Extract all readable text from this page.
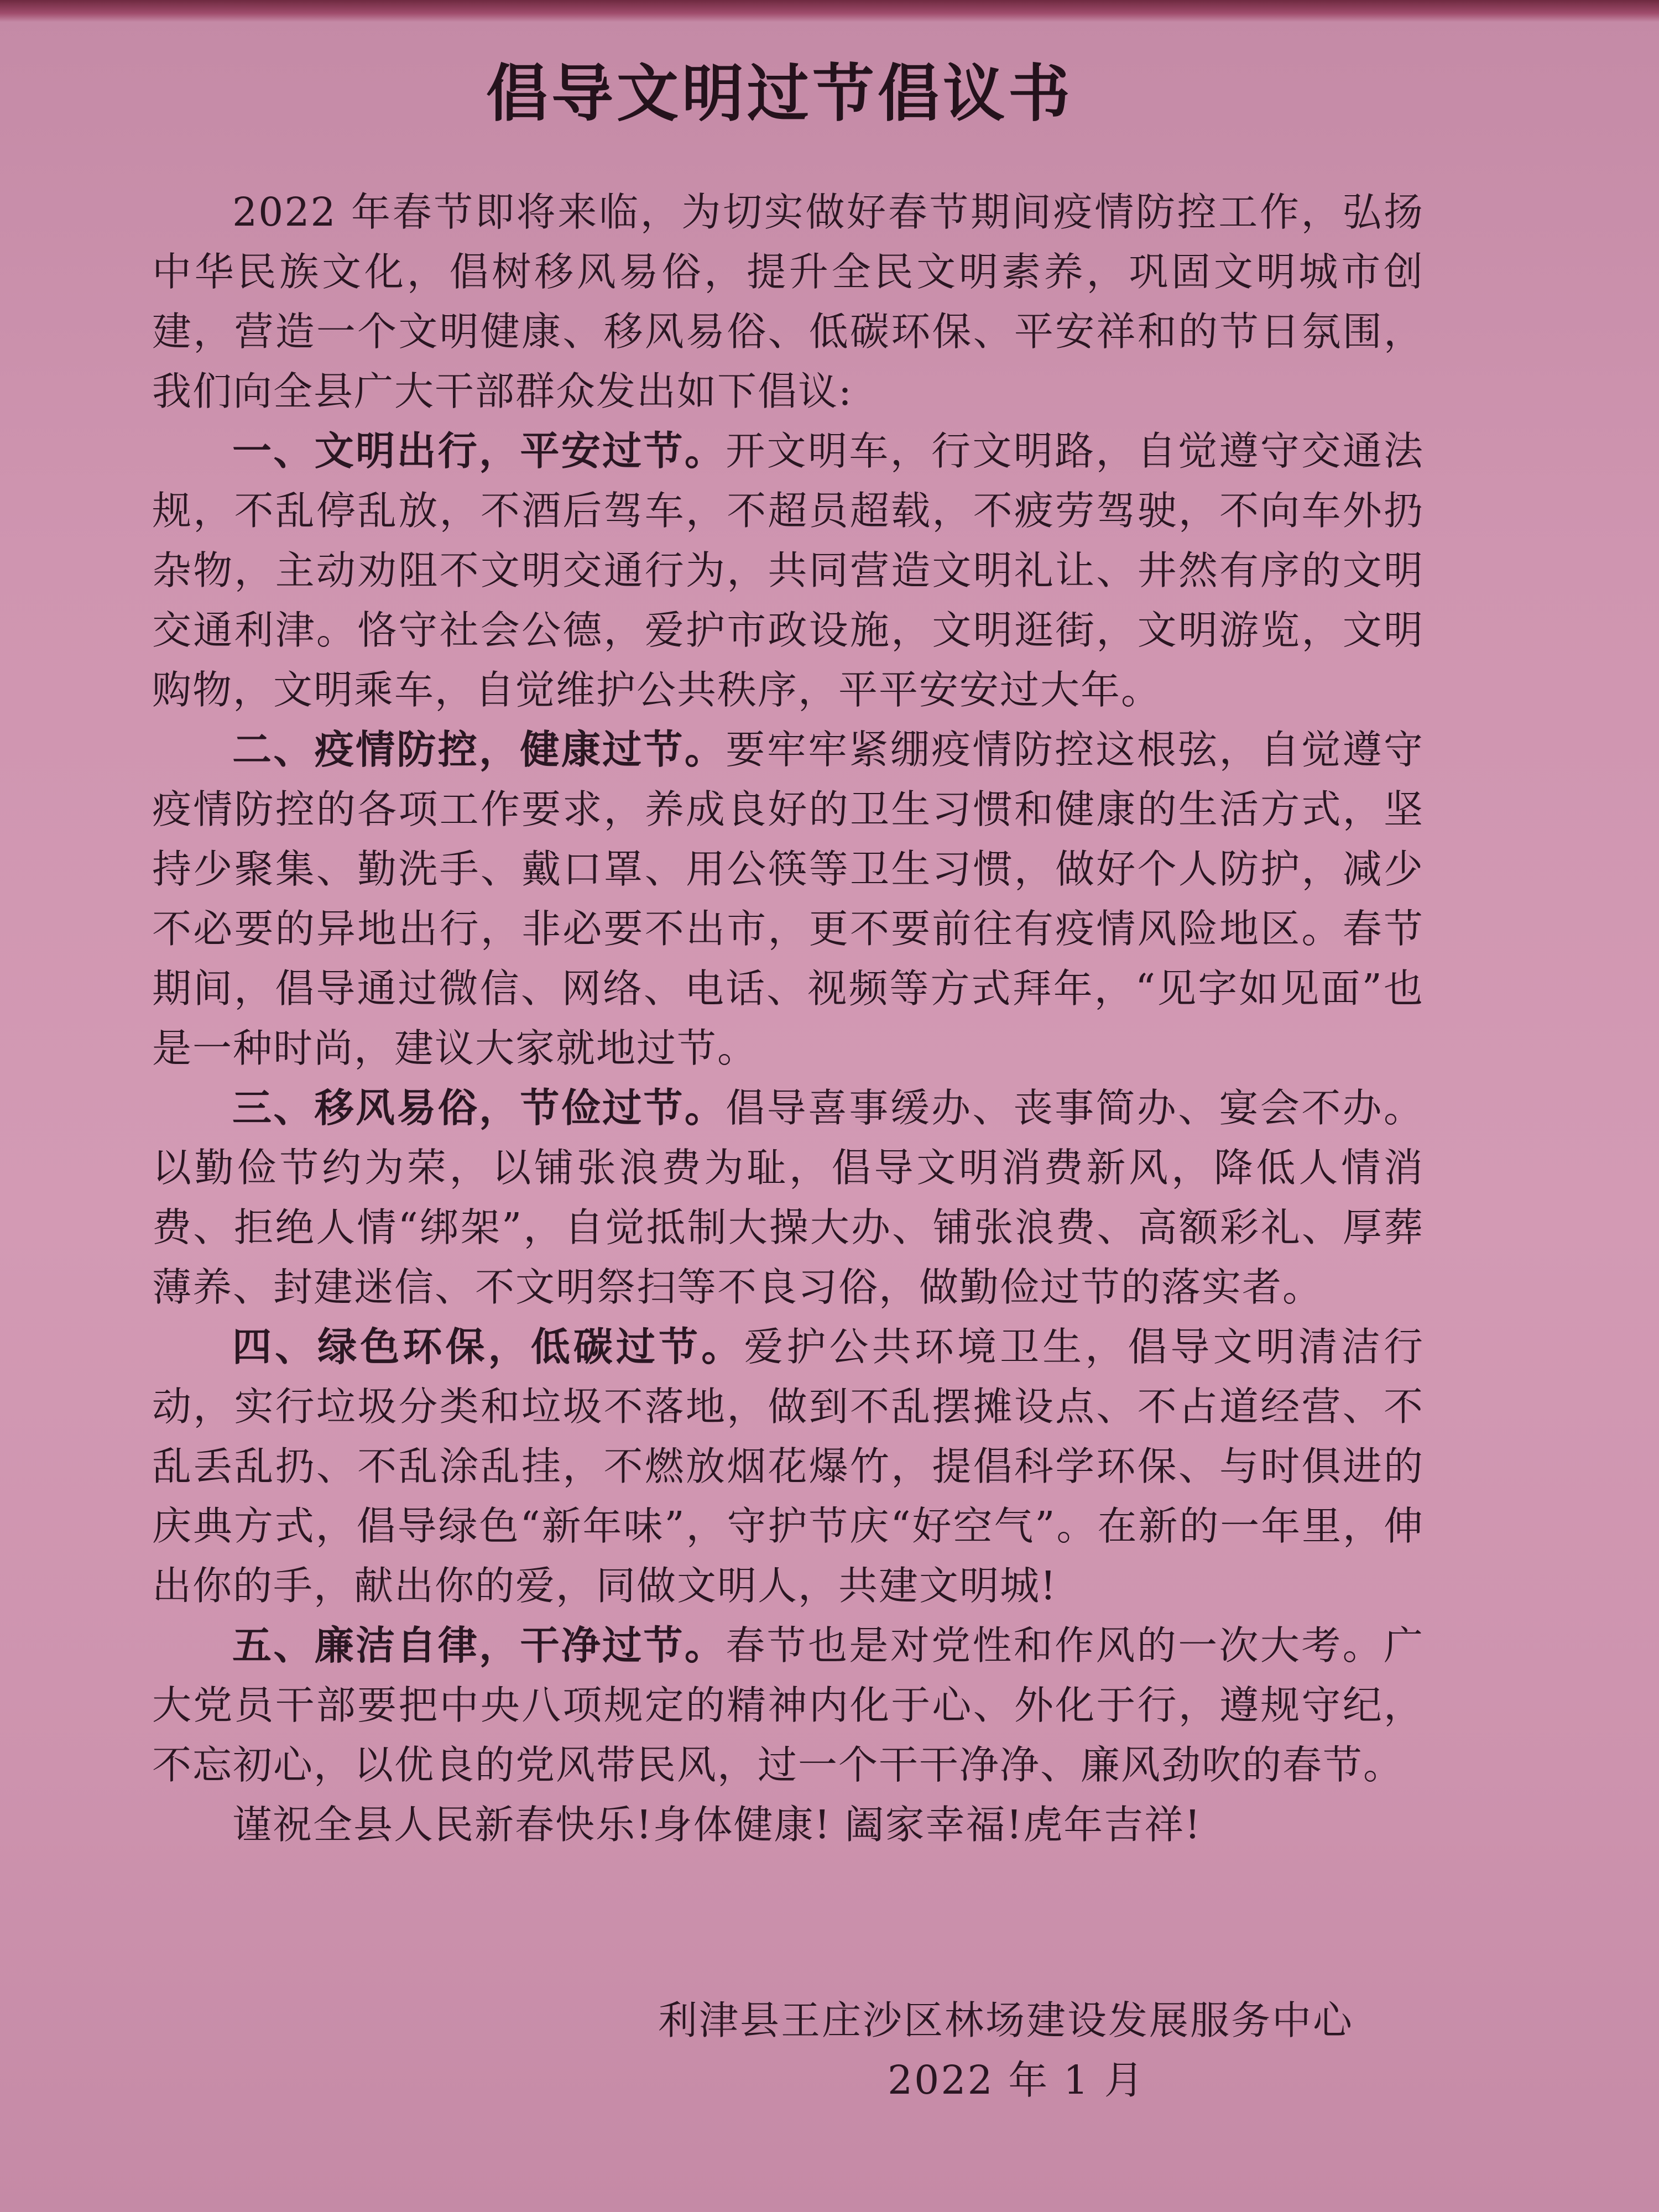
倡导文明过节倡议书

2022 年春节即将来临，为切实做好春节期间疫情防控工作，弘扬中华民族文化，倡树移风易俗，提升全民文明素养，巩固文明城市创建，营造一个文明健康、移风易俗、低碳环保、平安祥和的节日氛围，我们向全县广大干部群众发出如下倡议:

一、文明出行，平安过节。开文明车，行文明路，自觉遵守交通法规，不乱停乱放，不酒后驾车，不超员超载，不疲劳驾驶，不向车外扔杂物，主动劝阻不文明交通行为，共同营造文明礼让、井然有序的文明交通利津。恪守社会公德，爱护市政设施，文明逛街，文明游览，文明购物，文明乘车，自觉维护公共秩序，平平安安过大年。

二、疫情防控，健康过节。要牢牢紧绷疫情防控这根弦，自觉遵守疫情防控的各项工作要求，养成良好的卫生习惯和健康的生活方式，坚持少聚集、勤洗手、戴口罩、用公筷等卫生习惯，做好个人防护，减少不必要的异地出行，非必要不出市，更不要前往有疫情风险地区。春节期间，倡导通过微信、网络、电话、视频等方式拜年，“见字如见面”也是一种时尚，建议大家就地过节。

三、移风易俗，节俭过节。倡导喜事缓办、丧事简办、宴会不办。以勤俭节约为荣，以铺张浪费为耻，倡导文明消费新风，降低人情消费、拒绝人情“绑架”，自觉抵制大操大办、铺张浪费、高额彩礼、厚葬薄养、封建迷信、不文明祭扫等不良习俗，做勤俭过节的落实者。

四、绿色环保，低碳过节。爱护公共环境卫生，倡导文明清洁行动，实行垃圾分类和垃圾不落地，做到不乱摆摊设点、不占道经营、不乱丢乱扔、不乱涂乱挂，不燃放烟花爆竹，提倡科学环保、与时俱进的庆典方式，倡导绿色“新年味”，守护节庆“好空气”。在新的一年里，伸出你的手，献出你的爱，同做文明人，共建文明城!

五、廉洁自律，干净过节。春节也是对党性和作风的一次大考。广大党员干部要把中央八项规定的精神内化于心、外化于行，遵规守纪，不忘初心，以优良的党风带民风，过一个干干净净、廉风劲吹的春节。

谨祝全县人民新春快乐!身体健康! 阖家幸福!虎年吉祥!

利津县王庄沙区林场建设发展服务中心
2022 年 1 月
